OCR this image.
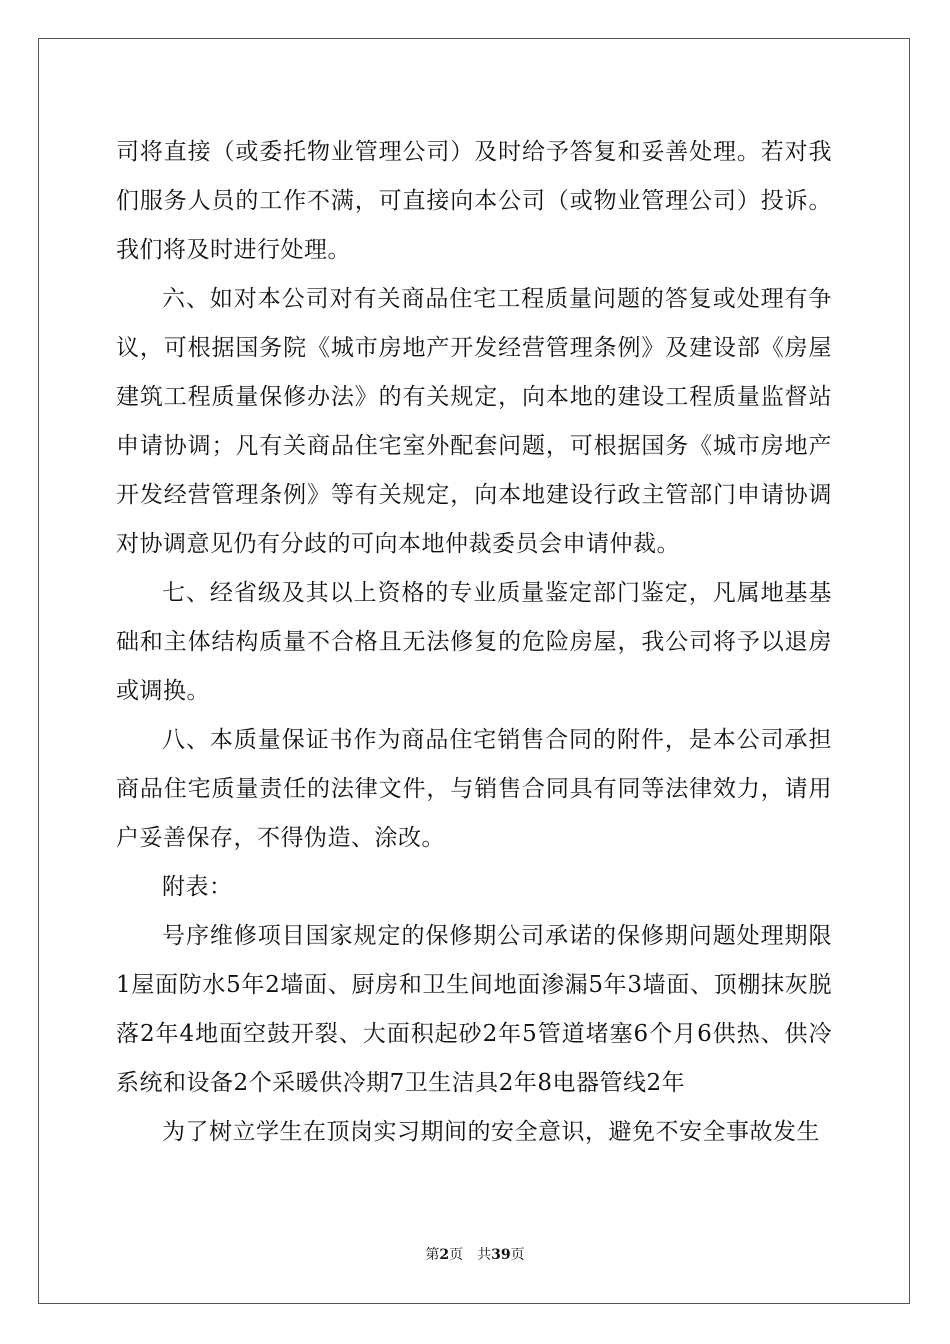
司将直接（或委托物业管理公司）及时给予答复和妥善处理。若对我们服务人员的工作不满，可直接向本公司（或物业管理公司）投诉。我们将及时进行处理。

六、如对本公司对有关商品住宅工程质量问题的答复或处理有争议，可根据国务院《城市房地产开发经营管理条例》及建设部《房屋建筑工程质量保修办法》的有关规定，向本地的建设工程质量监督站申请协调；凡有关商品住宅室外配套问题，可根据国务《城市房地产开发经营管理条例》等有关规定，向本地建设行政主管部门申请协调对协调意见仍有分歧的可向本地仲裁委员会申请仲裁。

七、经省级及其以上资格的专业质量鉴定部门鉴定，凡属地基基础和主体结构质量不合格且无法修复的危险房屋，我公司将予以退房或调换。

八、本质量保证书作为商品住宅销售合同的附件，是本公司承担商品住宅质量责任的法律文件，与销售合同具有同等法律效力，请用户妥善保存，不得伪造、涂改。

附表：

号序维修项目国家规定的保修期公司承诺的保修期问题处理期限1屋面防水5年2墙面、厨房和卫生间地面渗漏5年3墙面、顶棚抹灰脱落2年4地面空鼓开裂、大面积起砂2年5管道堵塞6个月6供热、供冷系统和设备2个采暖供冷期7卫生洁具2年8电器管线2年

为了树立学生在顶岗实习期间的安全意识，避免不安全事故发生

第2页 共39页
